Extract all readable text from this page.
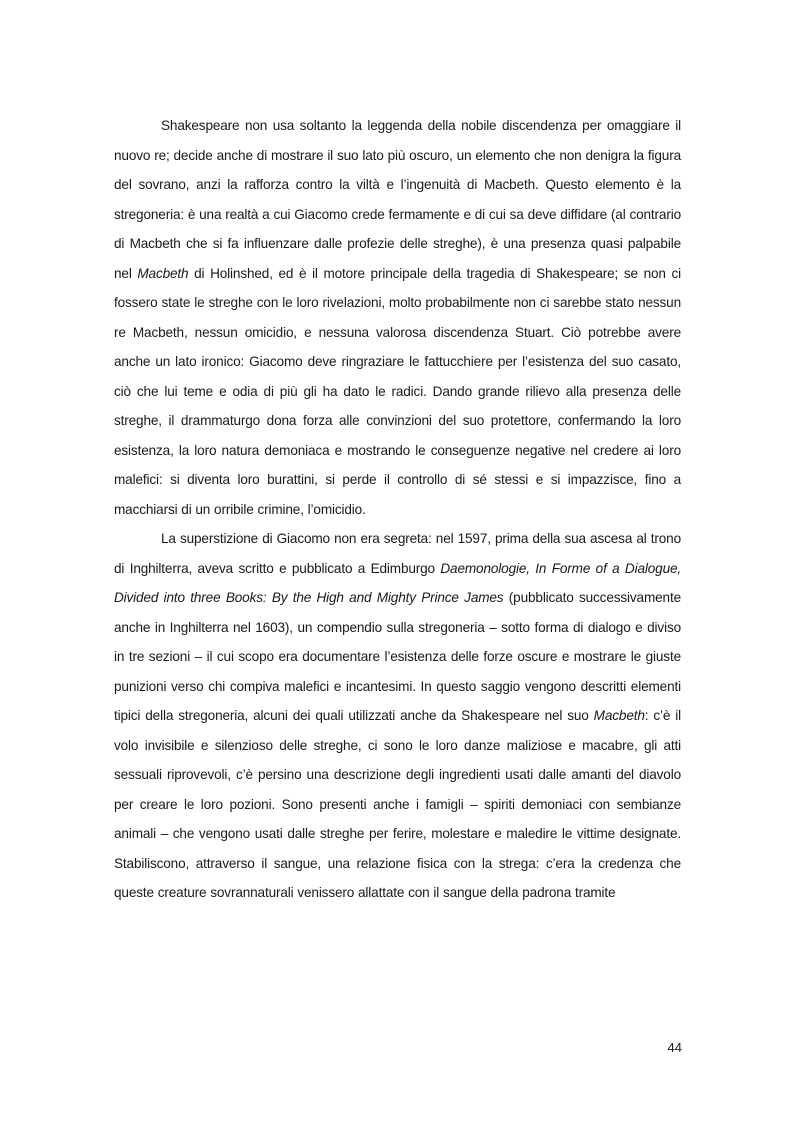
Shakespeare non usa soltanto la leggenda della nobile discendenza per omaggiare il nuovo re; decide anche di mostrare il suo lato più oscuro, un elemento che non denigra la figura del sovrano, anzi la rafforza contro la viltà e l’ingenuità di Macbeth. Questo elemento è la stregoneria: è una realtà a cui Giacomo crede fermamente e di cui sa deve diffidare (al contrario di Macbeth che si fa influenzare dalle profezie delle streghe), è una presenza quasi palpabile nel Macbeth di Holinshed, ed è il motore principale della tragedia di Shakespeare; se non ci fossero state le streghe con le loro rivelazioni, molto probabilmente non ci sarebbe stato nessun re Macbeth, nessun omicidio, e nessuna valorosa discendenza Stuart. Ciò potrebbe avere anche un lato ironico: Giacomo deve ringraziare le fattucchiere per l’esistenza del suo casato, ciò che lui teme e odia di più gli ha dato le radici. Dando grande rilievo alla presenza delle streghe, il drammaturgo dona forza alle convinzioni del suo protettore, confermando la loro esistenza, la loro natura demoniaca e mostrando le conseguenze negative nel credere ai loro malefici: si diventa loro burattini, si perde il controllo di sé stessi e si impazzisce, fino a macchiarsi di un orribile crimine, l’omicidio.

La superstizione di Giacomo non era segreta: nel 1597, prima della sua ascesa al trono di Inghilterra, aveva scritto e pubblicato a Edimburgo Daemonologie, In Forme of a Dialogue, Divided into three Books: By the High and Mighty Prince James (pubblicato successivamente anche in Inghilterra nel 1603), un compendio sulla stregoneria – sotto forma di dialogo e diviso in tre sezioni – il cui scopo era documentare l’esistenza delle forze oscure e mostrare le giuste punizioni verso chi compiva malefici e incantesimi. In questo saggio vengono descritti elementi tipici della stregoneria, alcuni dei quali utilizzati anche da Shakespeare nel suo Macbeth: c’è il volo invisibile e silenzioso delle streghe, ci sono le loro danze maliziose e macabre, gli atti sessuali riprovevoli, c’è persino una descrizione degli ingredienti usati dalle amanti del diavolo per creare le loro pozioni. Sono presenti anche i famigli – spiriti demoniaci con sembianze animali – che vengono usati dalle streghe per ferire, molestare e maledire le vittime designate. Stabiliscono, attraverso il sangue, una relazione fisica con la strega: c’era la credenza che queste creature sovrannaturali venissero allattate con il sangue della padrona tramite

44
